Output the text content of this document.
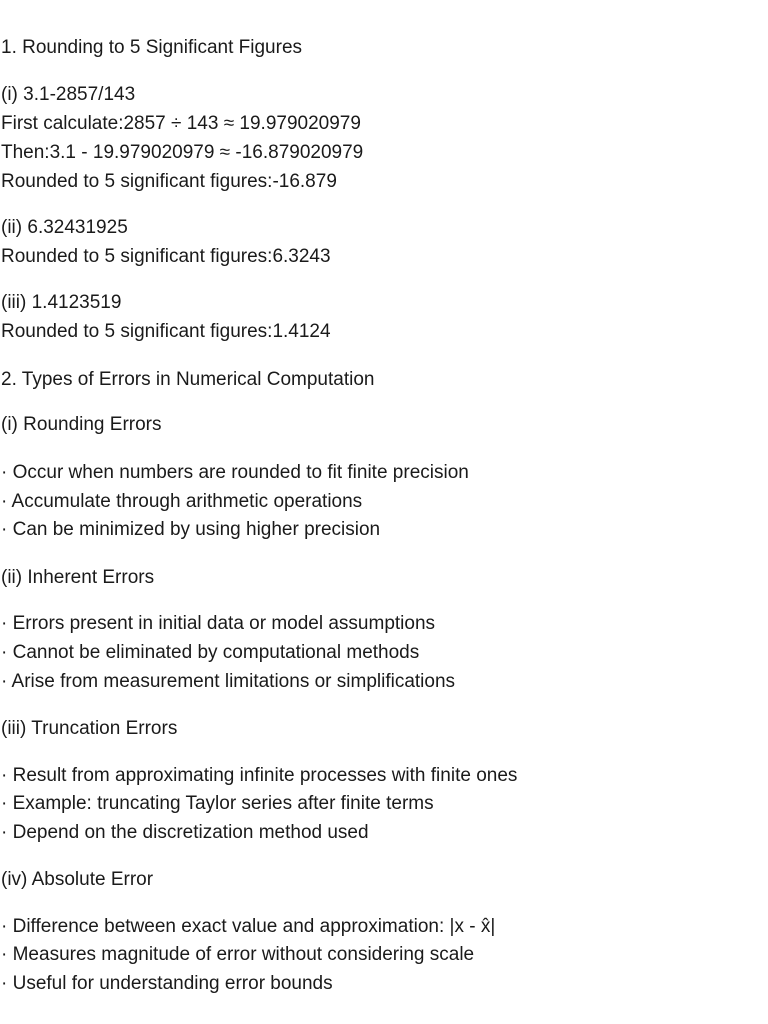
1. Rounding to 5 Significant Figures
(i) 3.1-2857/143
First calculate:2857 ÷ 143 ≈ 19.979020979
Then:3.1 - 19.979020979 ≈ -16.879020979
Rounded to 5 significant figures:-16.879
(ii) 6.32431925
Rounded to 5 significant figures:6.3243
(iii) 1.4123519
Rounded to 5 significant figures:1.4124
2. Types of Errors in Numerical Computation
(i) Rounding Errors
· Occur when numbers are rounded to fit finite precision
· Accumulate through arithmetic operations
· Can be minimized by using higher precision
(ii) Inherent Errors
· Errors present in initial data or model assumptions
· Cannot be eliminated by computational methods
· Arise from measurement limitations or simplifications
(iii) Truncation Errors
· Result from approximating infinite processes with finite ones
· Example: truncating Taylor series after finite terms
· Depend on the discretization method used
(iv) Absolute Error
· Difference between exact value and approximation: |x - x̂|
· Measures magnitude of error without considering scale
· Useful for understanding error bounds
